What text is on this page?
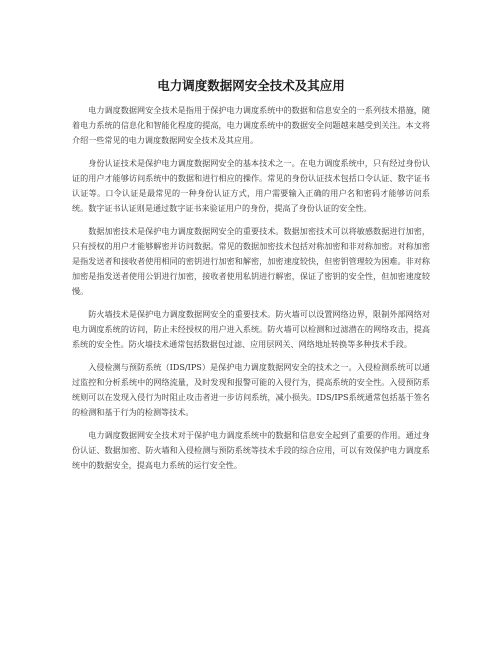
电力调度数据网安全技术及其应用

电力调度数据网安全技术是指用于保护电力调度系统中的数据和信息安全的一系列技术措施，随着电力系统的信息化和智能化程度的提高，电力调度系统中的数据安全问题越来越受到关注。本文将介绍一些常见的电力调度数据网安全技术及其应用。

身份认证技术是保护电力调度数据网安全的基本技术之一。在电力调度系统中，只有经过身份认证的用户才能够访问系统中的数据和进行相应的操作。常见的身份认证技术包括口令认证、数字证书认证等。口令认证是最常见的一种身份认证方式，用户需要输入正确的用户名和密码才能够访问系统。数字证书认证则是通过数字证书来验证用户的身份，提高了身份认证的安全性。

数据加密技术是保护电力调度数据网安全的重要技术。数据加密技术可以将敏感数据进行加密，只有授权的用户才能够解密并访问数据。常见的数据加密技术包括对称加密和非对称加密。对称加密是指发送者和接收者使用相同的密钥进行加密和解密，加密速度较快，但密钥管理较为困难。非对称加密是指发送者使用公钥进行加密，接收者使用私钥进行解密，保证了密钥的安全性，但加密速度较慢。

防火墙技术是保护电力调度数据网安全的重要技术。防火墙可以设置网络边界，限制外部网络对电力调度系统的访问，防止未经授权的用户进入系统。防火墙可以检测和过滤潜在的网络攻击，提高系统的安全性。防火墙技术通常包括数据包过滤、应用层网关、网络地址转换等多种技术手段。

入侵检测与预防系统（IDS/IPS）是保护电力调度数据网安全的技术之一。入侵检测系统可以通过监控和分析系统中的网络流量，及时发现和报警可能的入侵行为，提高系统的安全性。入侵预防系统则可以在发现入侵行为时阻止攻击者进一步访问系统，减小损失。IDS/IPS系统通常包括基于签名的检测和基于行为的检测等技术。

电力调度数据网安全技术对于保护电力调度系统中的数据和信息安全起到了重要的作用。通过身份认证、数据加密、防火墙和入侵检测与预防系统等技术手段的综合应用，可以有效保护电力调度系统中的数据安全，提高电力系统的运行安全性。
